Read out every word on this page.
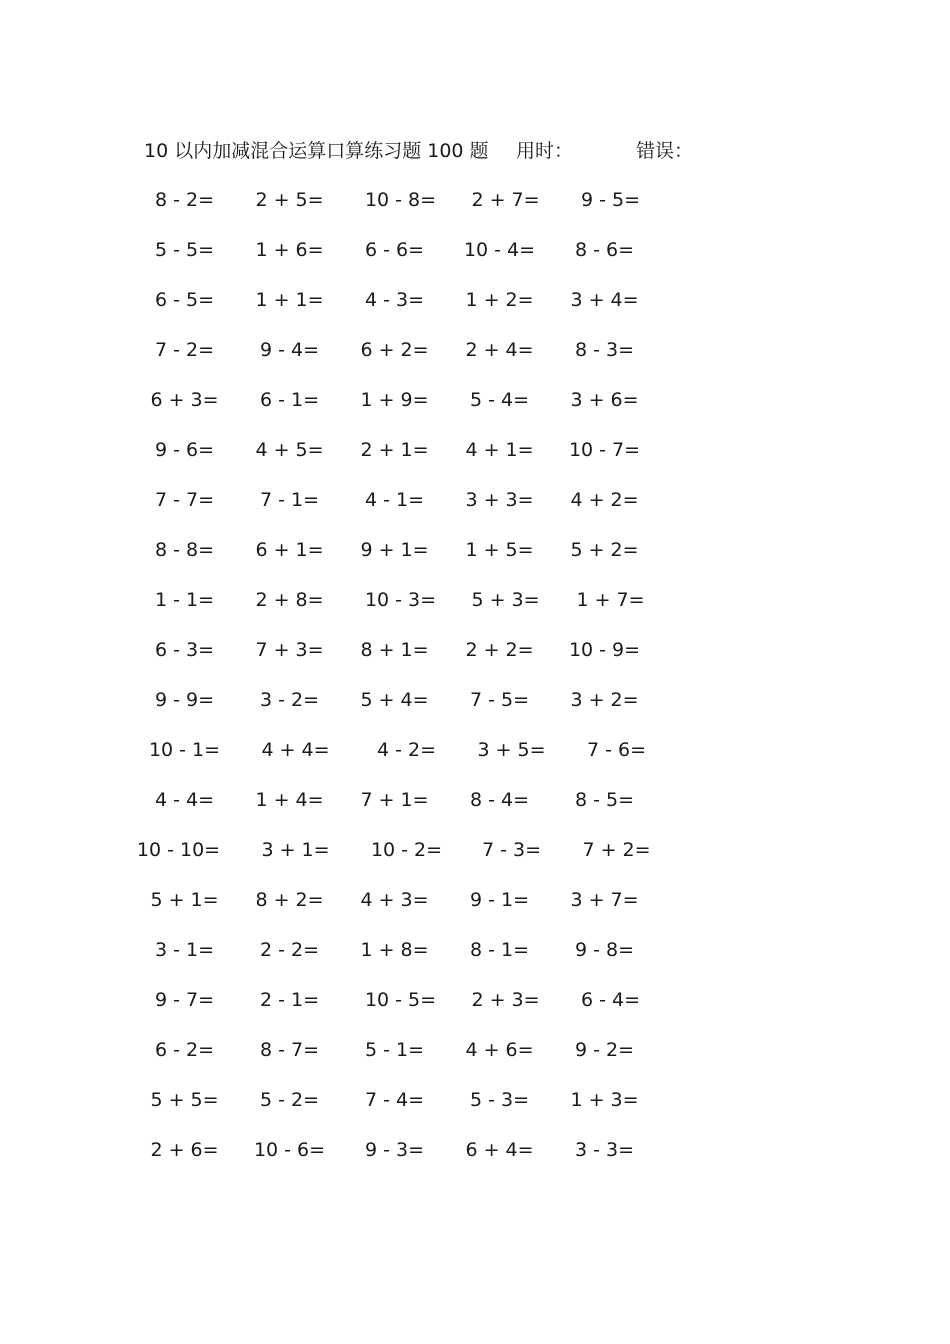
10 以内加减混合运算口算练习题 100 题 用时：	错误：
8 - 2=	2 + 5=	10 - 8=	2 + 7=	9 - 5=
5 - 5=	1 + 6=	6 - 6=	10 - 4=	8 - 6=
6 - 5=	1 + 1=	4 - 3=	1 + 2=	3 + 4=
7 - 2=	9 - 4=	6 + 2=	2 + 4=	8 - 3=
6 + 3=	6 - 1=	1 + 9=	5 - 4=	3 + 6=
9 - 6=	4 + 5=	2 + 1=	4 + 1=	10 - 7=
7 - 7=	7 - 1=	4 - 1=	3 + 3=	4 + 2=
8 - 8=	6 + 1=	9 + 1=	1 + 5=	5 + 2=
1 - 1=	2 + 8=	10 - 3=	5 + 3=	1 + 7=
6 - 3=	7 + 3=	8 + 1=	2 + 2=	10 - 9=
9 - 9=	3 - 2=	5 + 4=	7 - 5=	3 + 2=
10 - 1=	4 + 4=	4 - 2=	3 + 5=	7 - 6=
4 - 4=	1 + 4=	7 + 1=	8 - 4=	8 - 5=
10 - 10=	3 + 1=	10 - 2=	7 - 3=	7 + 2=
5 + 1=	8 + 2=	4 + 3=	9 - 1=	3 + 7=
3 - 1=	2 - 2=	1 + 8=	8 - 1=	9 - 8=
9 - 7=	2 - 1=	10 - 5=	2 + 3=	6 - 4=
6 - 2=	8 - 7=	5 - 1=	4 + 6=	9 - 2=
5 + 5=	5 - 2=	7 - 4=	5 - 3=	1 + 3=
2 + 6=	10 - 6=	9 - 3=	6 + 4=	3 - 3=
